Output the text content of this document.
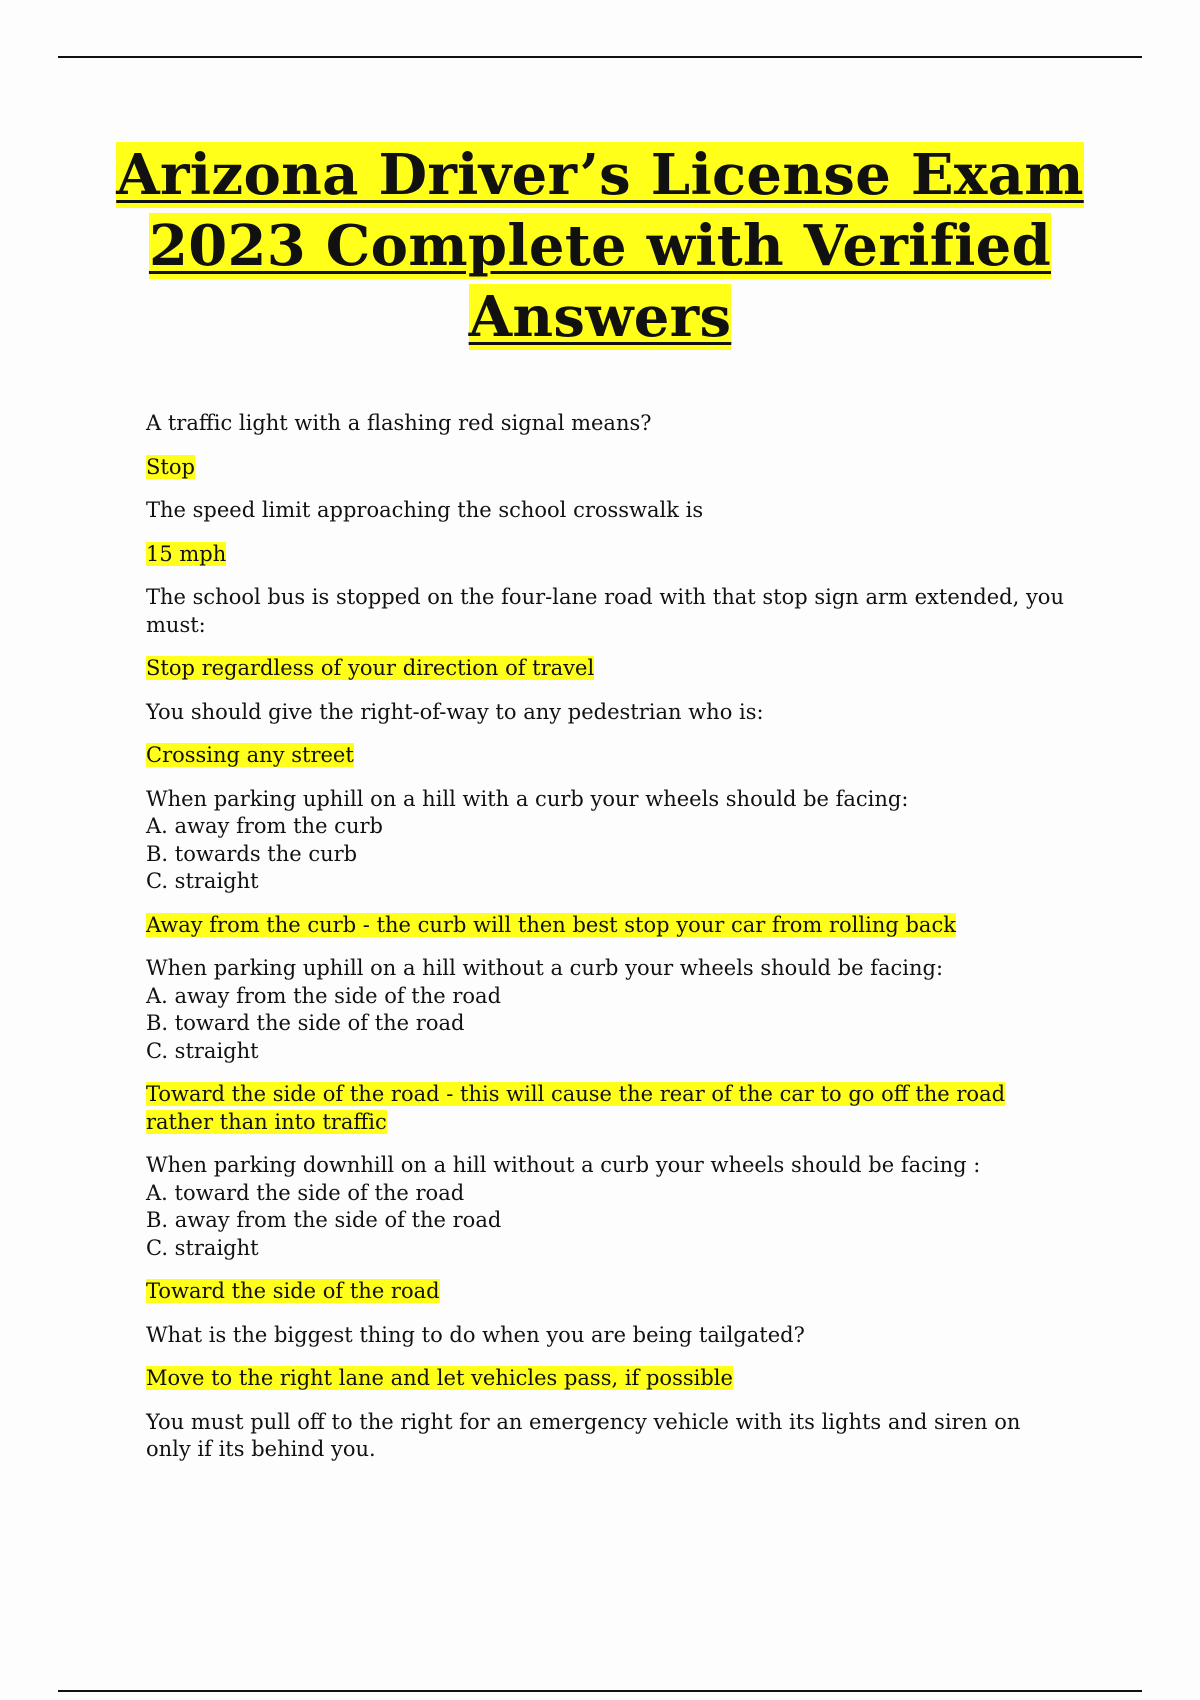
Arizona Driver’s License Exam 2023 Complete with Verified Answers
A traffic light with a flashing red signal means?
Stop
The speed limit approaching the school crosswalk is
15 mph
The school bus is stopped on the four-lane road with that stop sign arm extended, you must:
Stop regardless of your direction of travel
You should give the right-of-way to any pedestrian who is:
Crossing any street
When parking uphill on a hill with a curb your wheels should be facing:
A. away from the curb
B. towards the curb
C. straight
Away from the curb - the curb will then best stop your car from rolling back
When parking uphill on a hill without a curb your wheels should be facing:
A. away from the side of the road
B. toward the side of the road
C. straight
Toward the side of the road - this will cause the rear of the car to go off the road
rather than into traffic
When parking downhill on a hill without a curb your wheels should be facing :
A. toward the side of the road
B. away from the side of the road
C. straight
Toward the side of the road
What is the biggest thing to do when you are being tailgated?
Move to the right lane and let vehicles pass, if possible
You must pull off to the right for an emergency vehicle with its lights and siren on only if its behind you.
